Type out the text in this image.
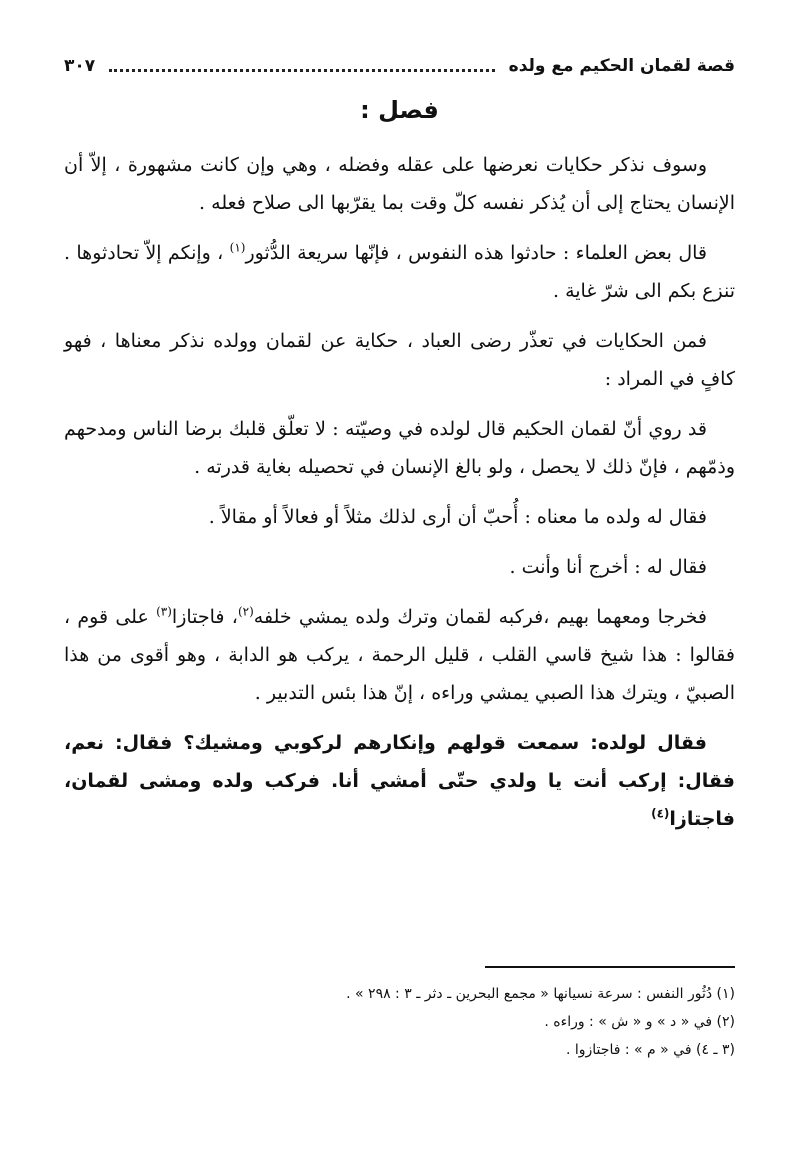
قصة لقمان الحكيم مع ولده
٣٠٧
فصل :

وسوف نذكر حكايات نعرضها على عقله وفضله ، وهي وإن كانت مشهورة ، إلاّ أن الإنسان يحتاج إلى أن يُذكر نفسه كلّ وقت بما يقرّبها الى صلاح فعله .

قال بعض العلماء : حادثوا هذه النفوس ، فإنّها سريعة الدُّثور$^{(١)}$ ، وإنكم إلاّ تحادثوها . تنزع بكم الى شرّ غاية .

فمن الحكايات في تعذّر رضى العباد ، حكاية عن لقمان وولده نذكر معناها ، فهو كافٍ في المراد :

قد روي أنّ لقمان الحكيم قال لولده في وصيّته : لا تعلّق قلبك برضا الناس ومدحهم وذمّهم ، فإنّ ذلك لا يحصل ، ولو بالغ الإنسان في تحصيله بغاية قدرته .

فقال له ولده ما معناه : أُحبّ أن أرى لذلك مثلاً أو فعالاً أو مقالاً .

فقال له : أخرج أنا وأنت .

فخرجا ومعهما بهيم ،فركبه لقمان وترك ولده يمشي خلفه$^{(٢)}$، فاجتازا$^{(٣)}$ على قوم ، فقالوا : هذا شيخ قاسي القلب ، قليل الرحمة ، يركب هو الدابة ، وهو أقوى من هذا الصبيّ ، ويترك هذا الصبي يمشي وراءه ، إنّ هذا بئس التدبير .

فقال لولده: سمعت قولهم وإنكارهم لركوبي ومشيك؟ فقال: نعم، فقال: إركب أنت يا ولدي حتّى أمشي أنا. فركب ولده ومشى لقمان، فاجتازا$^{(٤)}$

(١) دُثُور النفس : سرعة نسيانها « مجمع البحرين ـ دثر ـ ٣ : ٢٩٨ » .
(٢) في « د » و « ش » : وراءه .
(٣ ـ ٤) في « م » : فاجتازوا .
